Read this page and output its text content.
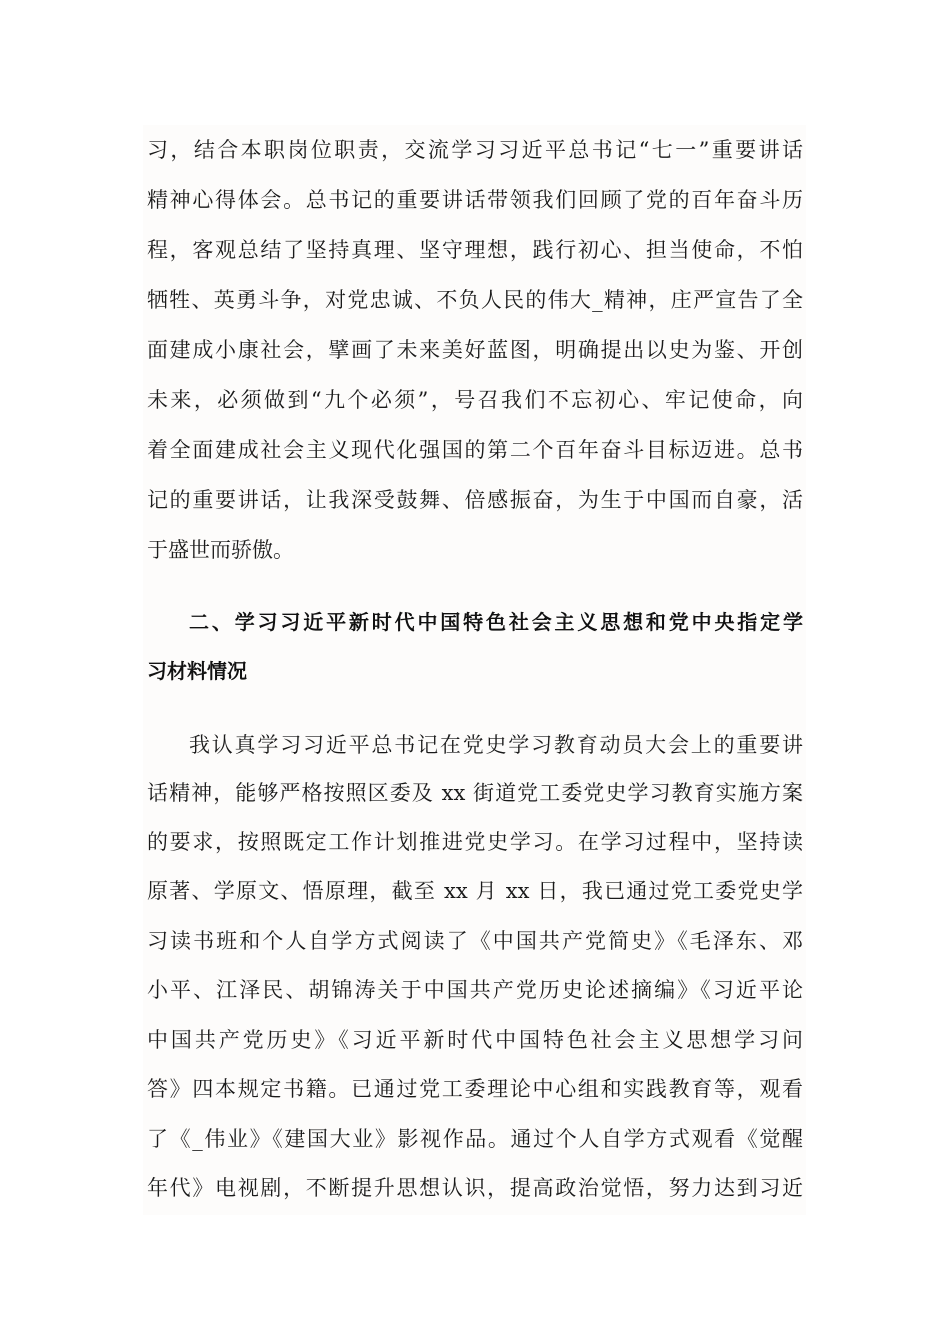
习，结合本职岗位职责，交流学习习近平总书记“七一”重要讲话
精神心得体会。总书记的重要讲话带领我们回顾了党的百年奋斗历
程，客观总结了坚持真理、坚守理想，践行初心、担当使命，不怕
牺牲、英勇斗争，对党忠诚、不负人民的伟大_精神，庄严宣告了全
面建成小康社会，擘画了未来美好蓝图，明确提出以史为鉴、开创
未来，必须做到“九个必须”，号召我们不忘初心、牢记使命，向
着全面建成社会主义现代化强国的第二个百年奋斗目标迈进。总书
记的重要讲话，让我深受鼓舞、倍感振奋，为生于中国而自豪，活
于盛世而骄傲。
二、学习习近平新时代中国特色社会主义思想和党中央指定学
习材料情况
我认真学习习近平总书记在党史学习教育动员大会上的重要讲
话精神，能够严格按照区委及 xx 街道党工委党史学习教育实施方案
的要求，按照既定工作计划推进党史学习。在学习过程中，坚持读
原著、学原文、悟原理，截至 xx 月 xx 日，我已通过党工委党史学
习读书班和个人自学方式阅读了《中国共产党简史》《毛泽东、邓
小平、江泽民、胡锦涛关于中国共产党历史论述摘编》《习近平论
中国共产党历史》《习近平新时代中国特色社会主义思想学习问
答》四本规定书籍。已通过党工委理论中心组和实践教育等，观看
了《_伟业》《建国大业》影视作品。通过个人自学方式观看《觉醒
年代》电视剧，不断提升思想认识，提高政治觉悟，努力达到习近
